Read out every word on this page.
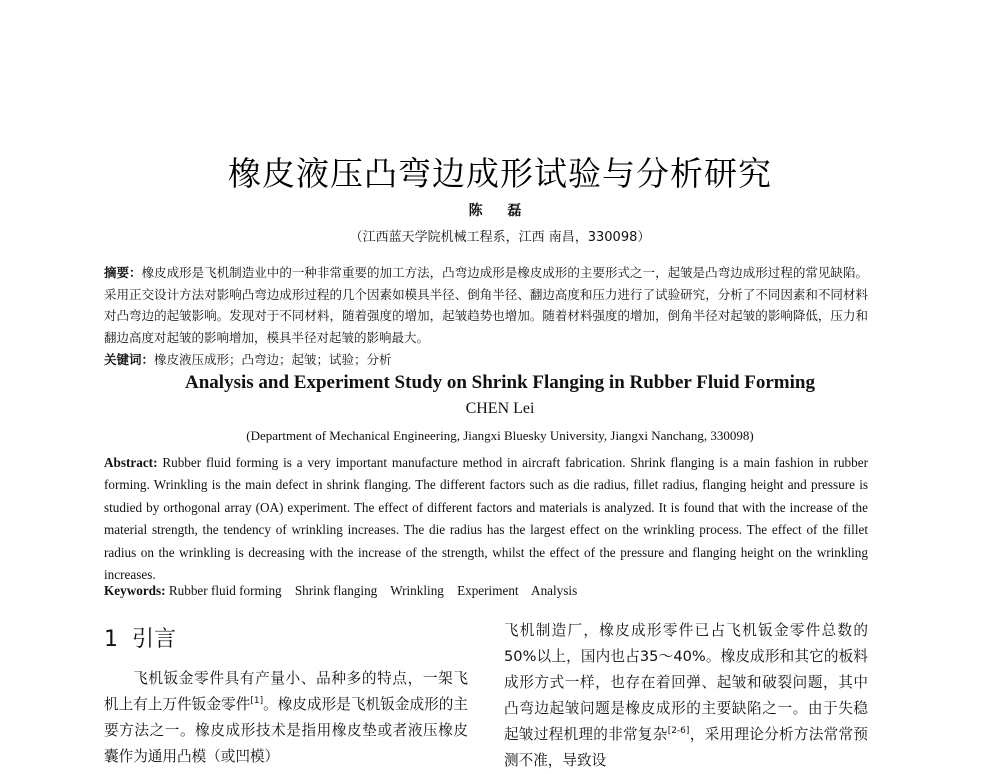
橡皮液压凸弯边成形试验与分析研究
陈 磊
（江西蓝天学院机械工程系，江西 南昌，330098）
摘要：橡皮成形是飞机制造业中的一种非常重要的加工方法，凸弯边成形是橡皮成形的主要形式之一，起皱是凸弯边成形过程的常见缺陷。采用正交设计方法对影响凸弯边成形过程的几个因素如模具半径、倒角半径、翻边高度和压力进行了试验研究，分析了不同因素和不同材料对凸弯边的起皱影响。发现对于不同材料，随着强度的增加，起皱趋势也增加。随着材料强度的增加，倒角半径对起皱的影响降低，压力和翻边高度对起皱的影响增加，模具半径对起皱的影响最大。
关键词：橡皮液压成形；凸弯边；起皱；试验；分析
Analysis and Experiment Study on Shrink Flanging in Rubber Fluid Forming
CHEN Lei
(Department of Mechanical Engineering, Jiangxi Bluesky University, Jiangxi Nanchang, 330098)
Abstract: Rubber fluid forming is a very important manufacture method in aircraft fabrication. Shrink flanging is a main fashion in rubber forming. Wrinkling is the main defect in shrink flanging. The different factors such as die radius, fillet radius, flanging height and pressure is studied by orthogonal array (OA) experiment. The effect of different factors and materials is analyzed. It is found that with the increase of the material strength, the tendency of wrinkling increases. The die radius has the largest effect on the wrinkling process. The effect of the fillet radius on the wrinkling is decreasing with the increase of the strength, whilst the effect of the pressure and flanging height on the wrinkling increases.
Keywords: Rubber fluid forming    Shrink flanging    Wrinkling    Experiment    Analysis
1 引言
飞机钣金零件具有产量小、品种多的特点，一架飞机上有上万件钣金零件[1]。橡皮成形是飞机钣金成形的主要方法之一。橡皮成形技术是指用橡皮垫或者液压橡皮囊作为通用凸模（或凹模）
飞机制造厂，橡皮成形零件已占飞机钣金零件总数的50%以上，国内也占35～40%。橡皮成形和其它的板料成形方式一样，也存在着回弹、起皱和破裂问题，其中凸弯边起皱问题是橡皮成形的主要缺陷之一。由于失稳起皱过程机理的非常复杂[2-6]，采用理论分析方法常常预测不准，导致设
